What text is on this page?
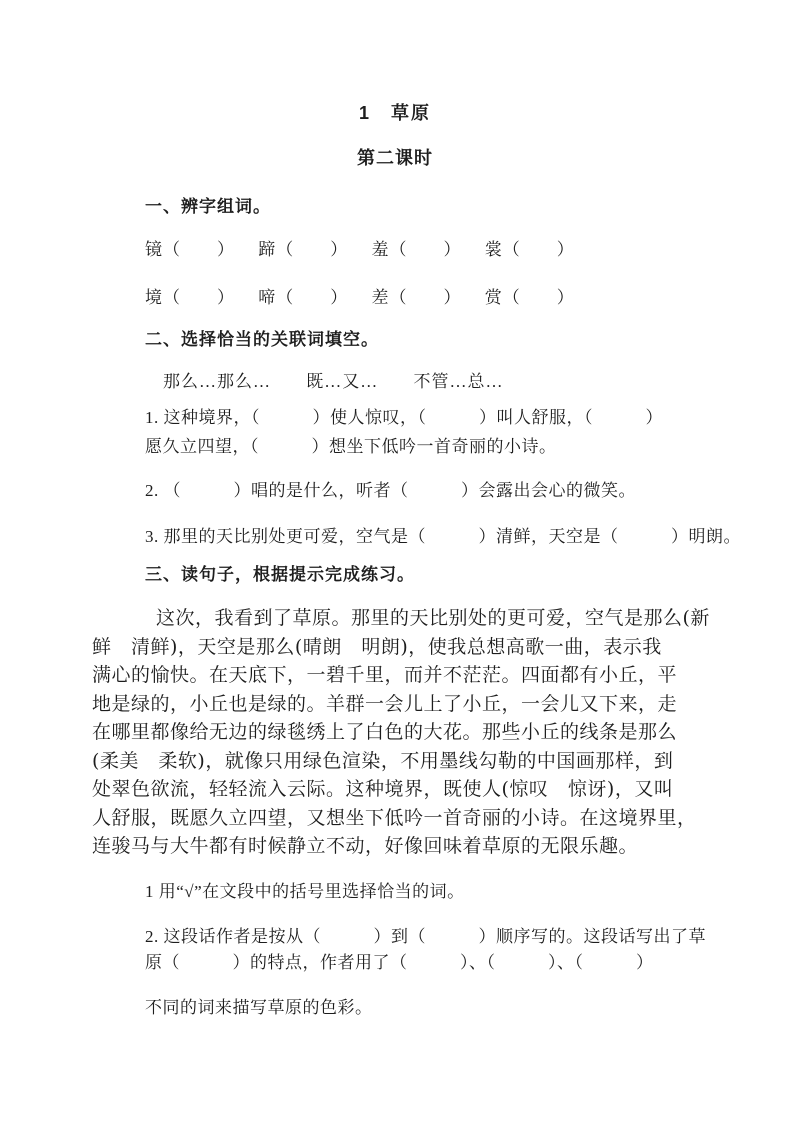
1　草原
第二课时
一、辨字组词。
镜（　　） 蹄（　　） 羞（　　） 裳（　　）
境（　　） 啼（　　） 差（　　） 赏（　　）
二、选择恰当的关联词填空。
那么…那么… 既…又… 不管…总…
1. 这种境界，（　　　）使人惊叹，（　　　）叫人舒服，（　　　）
愿久立四望，（　　　）想坐下低吟一首奇丽的小诗。
2. （　　　）唱的是什么，听者（　　　）会露出会心的微笑。
3. 那里的天比别处更可爱，空气是（　　　）清鲜，天空是（　　　）明朗。
三、读句子，根据提示完成练习。
这次，我看到了草原。那里的天比别处的更可爱，空气是那么(新
鲜　清鲜)，天空是那么(晴朗　明朗)，使我总想高歌一曲，表示我
满心的愉快。在天底下，一碧千里，而并不茫茫。四面都有小丘，平
地是绿的，小丘也是绿的。羊群一会儿上了小丘，一会儿又下来，走
在哪里都像给无边的绿毯绣上了白色的大花。那些小丘的线条是那么
(柔美　柔软)，就像只用绿色渲染，不用墨线勾勒的中国画那样，到
处翠色欲流，轻轻流入云际。这种境界，既使人(惊叹　惊讶)，又叫
人舒服，既愿久立四望，又想坐下低吟一首奇丽的小诗。在这境界里，
连骏马与大牛都有时候静立不动，好像回味着草原的无限乐趣。
1 用“√”在文段中的括号里选择恰当的词。
2. 这段话作者是按从（　　　）到（　　　）顺序写的。这段话写出了草
原（　　　）的特点，作者用了（　　　）、（　　　）、（　　　）
不同的词来描写草原的色彩。
